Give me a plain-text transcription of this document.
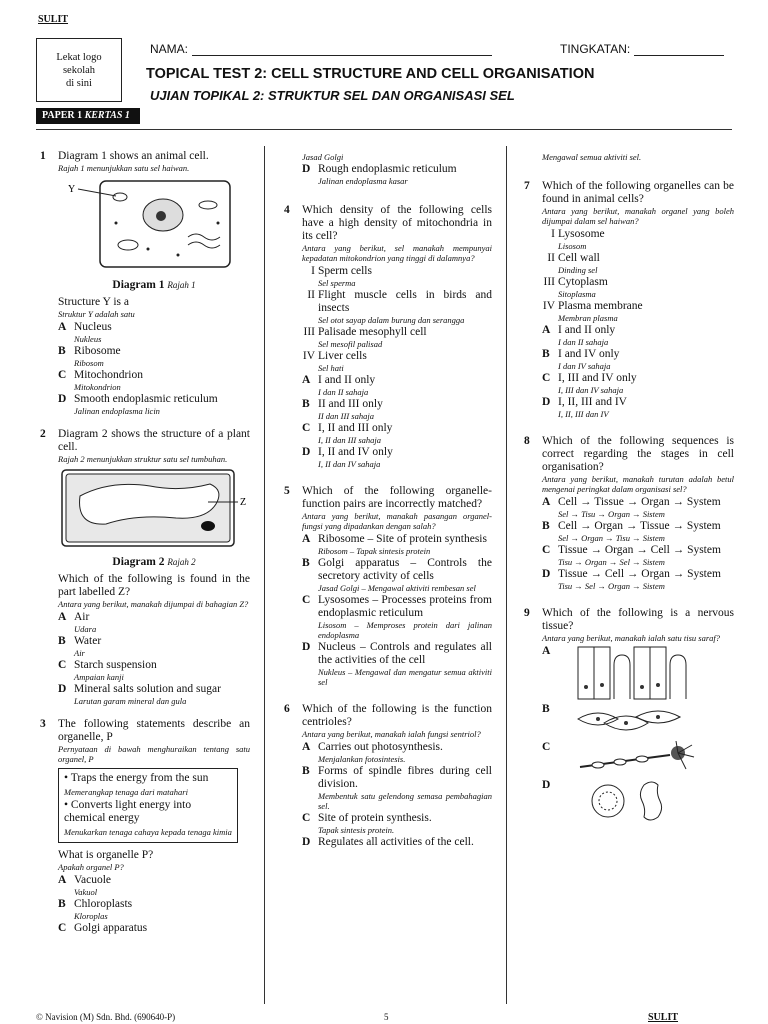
SULIT
Lekat logo
sekolah
di sini
NAMA:	TINGKATAN:
TOPICAL TEST 2: CELL STRUCTURE AND CELL ORGANISATION
UJIAN TOPIKAL 2: STRUKTUR SEL DAN ORGANISASI SEL
PAPER 1 KERTAS 1
1 Diagram 1 shows an animal cell.
Rajah 1 menunjukkan satu sel haiwan.
Y
Diagram 1 Rajah 1
Structure Y is a
Struktur Y adalah satu
A Nucleus
Nukleus
B Ribosome
Ribosom
C Mitochondrion
Mitokondrion
D Smooth endoplasmic reticulum
Jalinan endoplasma licin
2 Diagram 2 shows the structure of a plant cell.
Rajah 2 menunjukkan struktur satu sel tumbuhan.
Z
Diagram 2 Rajah 2
Which of the following is found in the part labelled Z?
Antara yang berikut, manakah dijumpai di bahagian Z?
A Air
Udara
B Water
Air
C Starch suspension
Ampaian kanji
D Mineral salts solution and sugar
Larutan garam mineral dan gula
3 The following statements describe an organelle, P
Pernyataan di bawah menghuraikan tentang satu organel, P
• Traps the energy from the sun
Memerangkap tenaga dari matahari
• Converts light energy into chemical energy
Menukarkan tenaga cahaya kepada tenaga kimia
What is organelle P?
Apakah organel P?
A Vacuole
Vakuol
B Chloroplasts
Kloroplas
C Golgi apparatus
Jasad Golgi
D Rough endoplasmic reticulum
Jalinan endoplasma kasar
4 Which density of the following cells have a high density of mitochondria in its cell?
Antara yang berikut, sel manakah mempunyai kepadatan mitokondrion yang tinggi di dalamnya?
I Sperm cells
Sel sperma
II Flight muscle cells in birds and insects
Sel otot sayap dalam burung dan serangga
III Palisade mesophyll cell
Sel mesofil palisad
IV Liver cells
Sel hati
A I and II only
I dan II sahaja
B II and III only
II dan III sahaja
C I, II and III only
I, II dan III sahaja
D I, II and IV only
I, II dan IV sahaja
5 Which of the following organelle-function pairs are incorrectly matched?
Antara yang berikut, manakah pasangan organel-fungsi yang dipadankan dengan salah?
A Ribosome – Site of protein synthesis
Ribosom – Tapak sintesis protein
B Golgi apparatus – Controls the secretory activity of cells
Jasad Golgi – Mengawal aktiviti rembesan sel
C Lysosomes – Processes proteins from endoplasmic reticulum
Lisosom – Memproses protein dari jalinan endoplasma
D Nucleus – Controls and regulates all the activities of the cell
Nukleus – Mengawal dan mengatur semua aktiviti sel
6 Which of the following is the function centrioles?
Antara yang berikut, manakah ialah fungsi sentriol?
A Carries out photosynthesis.
Menjalankan fotosintesis.
B Forms of spindle fibres during cell division.
Membentuk satu gelendong semasa pembahagian sel.
C Site of protein synthesis.
Tapak sintesis protein.
D Regulates all activities of the cell.
Mengawal semua aktiviti sel.
7 Which of the following organelles can be found in animal cells?
Antara yang berikut, manakah organel yang boleh dijumpai dalam sel haiwan?
I Lysosome
Lisosom
II Cell wall
Dinding sel
III Cytoplasm
Sitoplasma
IV Plasma membrane
Membran plasma
A I and II only
I dan II sahaja
B I and IV only
I dan IV sahaja
C I, III and IV only
I, III dan IV sahaja
D I, II, III and IV
I, II, III dan IV
8 Which of the following sequences is correct regarding the stages in cell organisation?
Antara yang berikut, manakah turutan adalah betul mengenai peringkat dalam organisasi sel?
A Cell → Tissue → Organ → System
Sel → Tisu → Organ → Sistem
B Cell → Organ → Tissue → System
Sel → Organ → Tisu → Sistem
C Tissue → Organ → Cell → System
Tisu → Organ → Sel → Sistem
D Tissue → Cell → Organ → System
Tisu → Sel → Organ → Sistem
9 Which of the following is a nervous tissue?
Antara yang berikut, manakah ialah satu tisu saraf?
A
B
C
D
© Navision (M) Sdn. Bhd. (690640-P)	5	SULIT
